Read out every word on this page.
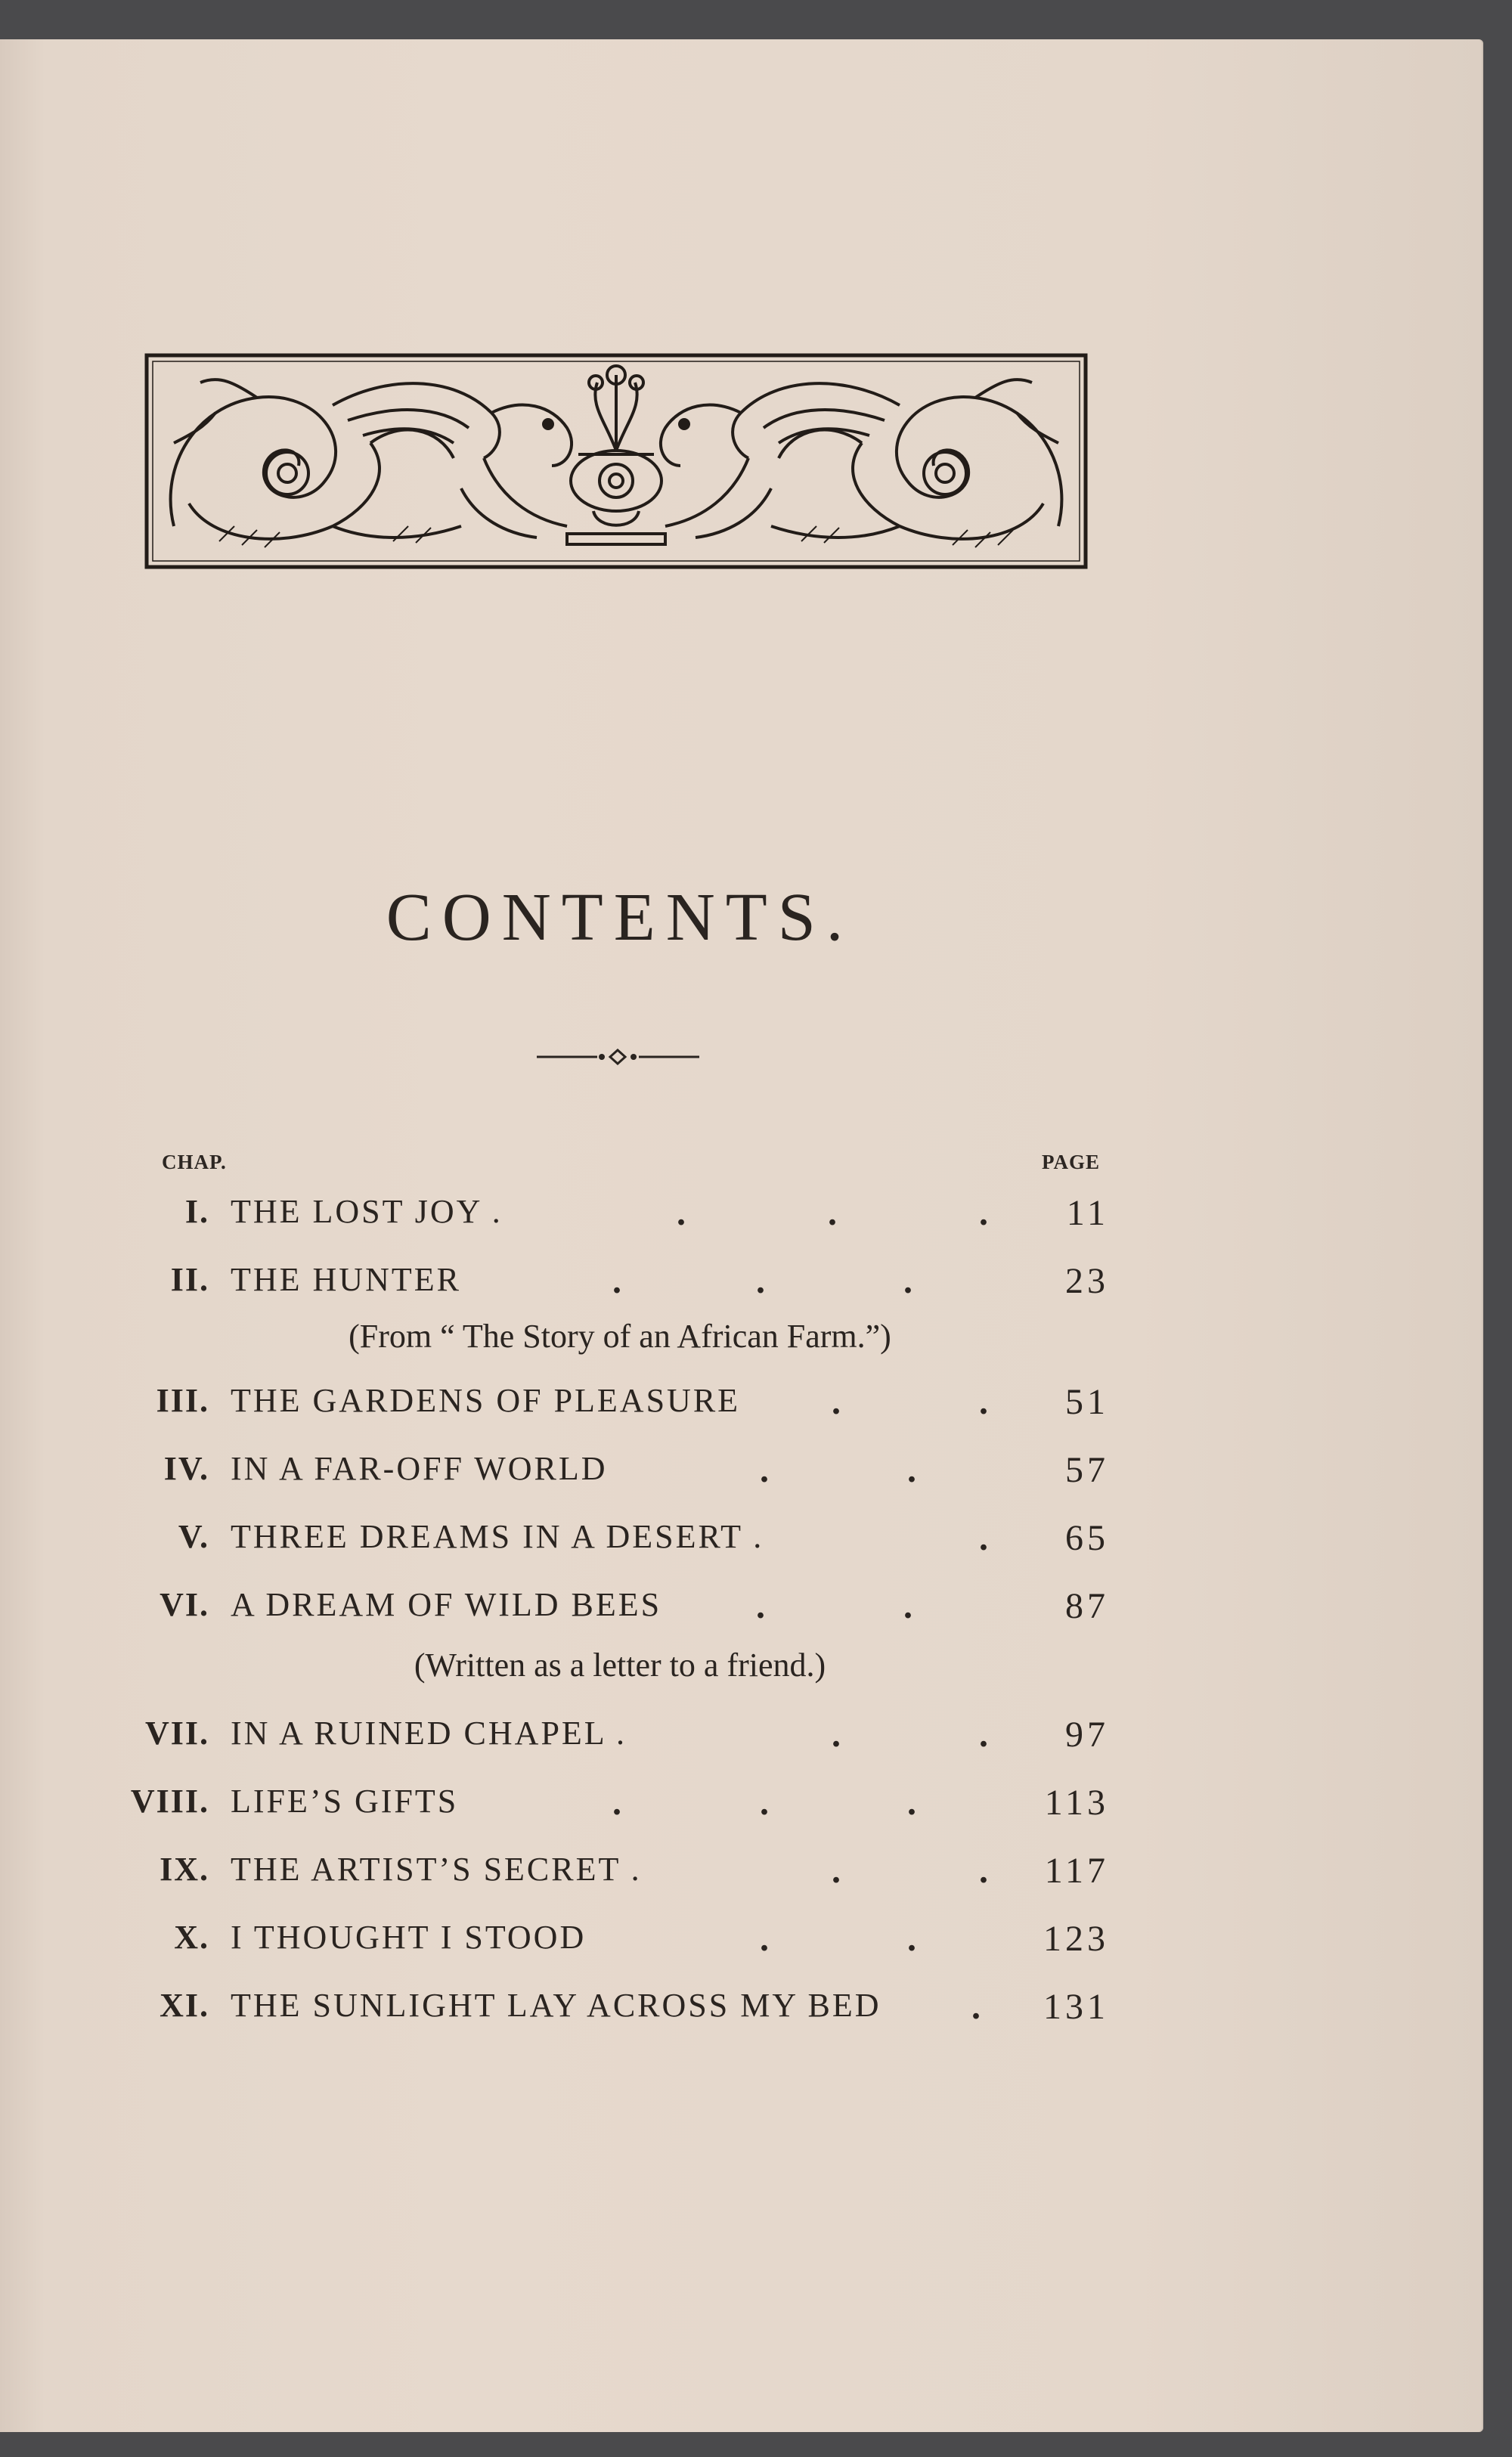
CONTENTS.
CHAP.	PAGE
I. THE LOST JOY .	.	.	. 11
II. THE HUNTER	.	.	.	23
(From “ The Story of an African Farm.”)
III. THE GARDENS OF PLEASURE	.	. 51
IV. IN A FAR-OFF WORLD	.	.	57
V. THREE DREAMS IN A DESERT .	. 65
VI. A DREAM OF WILD BEES	.	.	87
(Written as a letter to a friend.)
VII. IN A RUINED CHAPEL .	.	. 97
VIII. LIFE’S GIFTS	.	.	.	113
IX. THE ARTIST’S SECRET .	.	. 117
X. I THOUGHT I STOOD	.	.	123
XI. THE SUNLIGHT LAY ACROSS MY BED . 131
